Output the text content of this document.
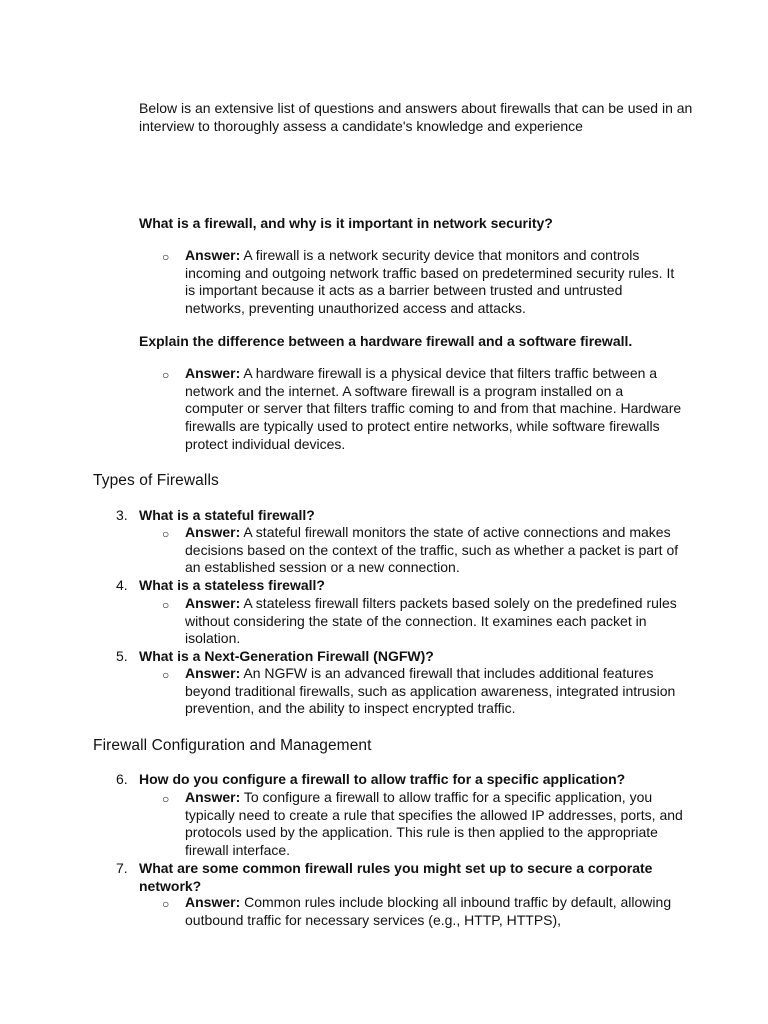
Below is an extensive list of questions and answers about firewalls that can be used in an interview to thoroughly assess a candidate's knowledge and experience

What is a firewall, and why is it important in network security?

○	Answer: A firewall is a network security device that monitors and controls incoming and outgoing network traffic based on predetermined security rules. It is important because it acts as a barrier between trusted and untrusted networks, preventing unauthorized access and attacks.

Explain the difference between a hardware firewall and a software firewall.

○	Answer: A hardware firewall is a physical device that filters traffic between a network and the internet. A software firewall is a program installed on a computer or server that filters traffic coming to and from that machine. Hardware firewalls are typically used to protect entire networks, while software firewalls protect individual devices.

Types of Firewalls
3. What is a stateful firewall?

○	Answer: A stateful firewall monitors the state of active connections and makes decisions based on the context of the traffic, such as whether a packet is part of an established session or a new connection.

4. What is a stateless firewall?

○	Answer: A stateless firewall filters packets based solely on the predefined rules without considering the state of the connection. It examines each packet in isolation.

5. What is a Next-Generation Firewall (NGFW)?

○	Answer: An NGFW is an advanced firewall that includes additional features beyond traditional firewalls, such as application awareness, integrated intrusion prevention, and the ability to inspect encrypted traffic.

Firewall Configuration and Management
6. How do you configure a firewall to allow traffic for a specific application?

○	Answer: To configure a firewall to allow traffic for a specific application, you typically need to create a rule that specifies the allowed IP addresses, ports, and protocols used by the application. This rule is then applied to the appropriate firewall interface.

7. What are some common firewall rules you might set up to secure a corporate network?

○	Answer: Common rules include blocking all inbound traffic by default, allowing outbound traffic for necessary services (e.g., HTTP, HTTPS),
